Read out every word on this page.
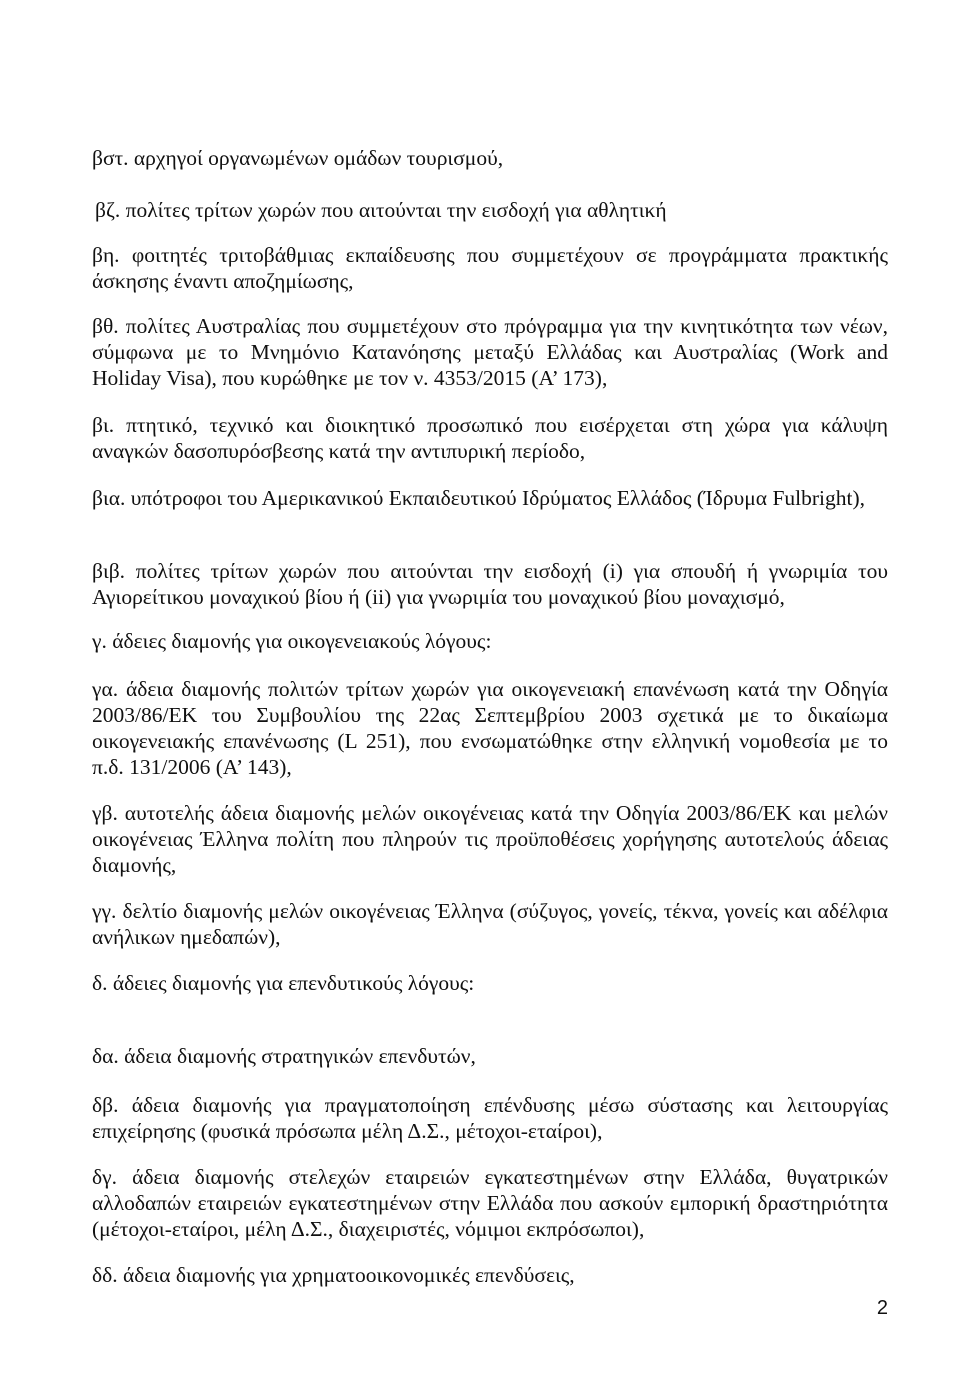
βστ. αρχηγοί οργανωμένων ομάδων τουρισμού,

βζ. πολίτες τρίτων χωρών που αιτούνται την εισδοχή για αθλητική

βη. φοιτητές τριτοβάθμιας εκπαίδευσης που συμμετέχουν σε προγράμματα πρακτικής άσκησης έναντι αποζημίωσης,

βθ. πολίτες Αυστραλίας που συμμετέχουν στο πρόγραμμα για την κινητικότητα των νέων, σύμφωνα με το Μνημόνιο Κατανόησης μεταξύ Ελλάδας και Αυστραλίας (Work and Holiday Visa), που κυρώθηκε με τον ν. 4353/2015 (Α’ 173),

βι. πτητικό, τεχνικό και διοικητικό προσωπικό που εισέρχεται στη χώρα για κάλυψη αναγκών δασοπυρόσβεσης κατά την αντιπυρική περίοδο,

βια. υπότροφοι του Αμερικανικού Εκπαιδευτικού Ιδρύματος Ελλάδος (Ίδρυμα Fulbright),

βιβ. πολίτες τρίτων χωρών που αιτούνται την εισδοχή (i) για σπουδή ή γνωριμία του Αγιορείτικου μοναχικού βίου ή (ii) για γνωριμία του μοναχικού βίου μοναχισμό,

γ. άδειες διαμονής για οικογενειακούς λόγους:

γα. άδεια διαμονής πολιτών τρίτων χωρών για οικογενειακή επανένωση κατά την Οδηγία 2003/86/ΕΚ του Συμβουλίου της 22ας Σεπτεμβρίου 2003 σχετικά με το δικαίωμα οικογενειακής επανένωσης (L 251), που ενσωματώθηκε στην ελληνική νομοθεσία με το π.δ. 131/2006 (Α’ 143),

γβ. αυτοτελής άδεια διαμονής μελών οικογένειας κατά την Οδηγία 2003/86/ΕΚ και μελών οικογένειας Έλληνα πολίτη που πληρούν τις προϋποθέσεις χορήγησης αυτοτελούς άδειας διαμονής,

γγ. δελτίο διαμονής μελών οικογένειας Έλληνα (σύζυγος, γονείς, τέκνα, γονείς και αδέλφια ανήλικων ημεδαπών),

δ. άδειες διαμονής για επενδυτικούς λόγους:

δα. άδεια διαμονής στρατηγικών επενδυτών,

δβ. άδεια διαμονής για πραγματοποίηση επένδυσης μέσω σύστασης και λειτουργίας επιχείρησης (φυσικά πρόσωπα μέλη Δ.Σ., μέτοχοι-εταίροι),

δγ. άδεια διαμονής στελεχών εταιρειών εγκατεστημένων στην Ελλάδα, θυγατρικών αλλοδαπών εταιρειών εγκατεστημένων στην Ελλάδα που ασκούν εμπορική δραστηριότητα (μέτοχοι-εταίροι, μέλη Δ.Σ., διαχειριστές, νόμιμοι εκπρόσωποι),

δδ. άδεια διαμονής για χρηματοοικονομικές επενδύσεις,

2
